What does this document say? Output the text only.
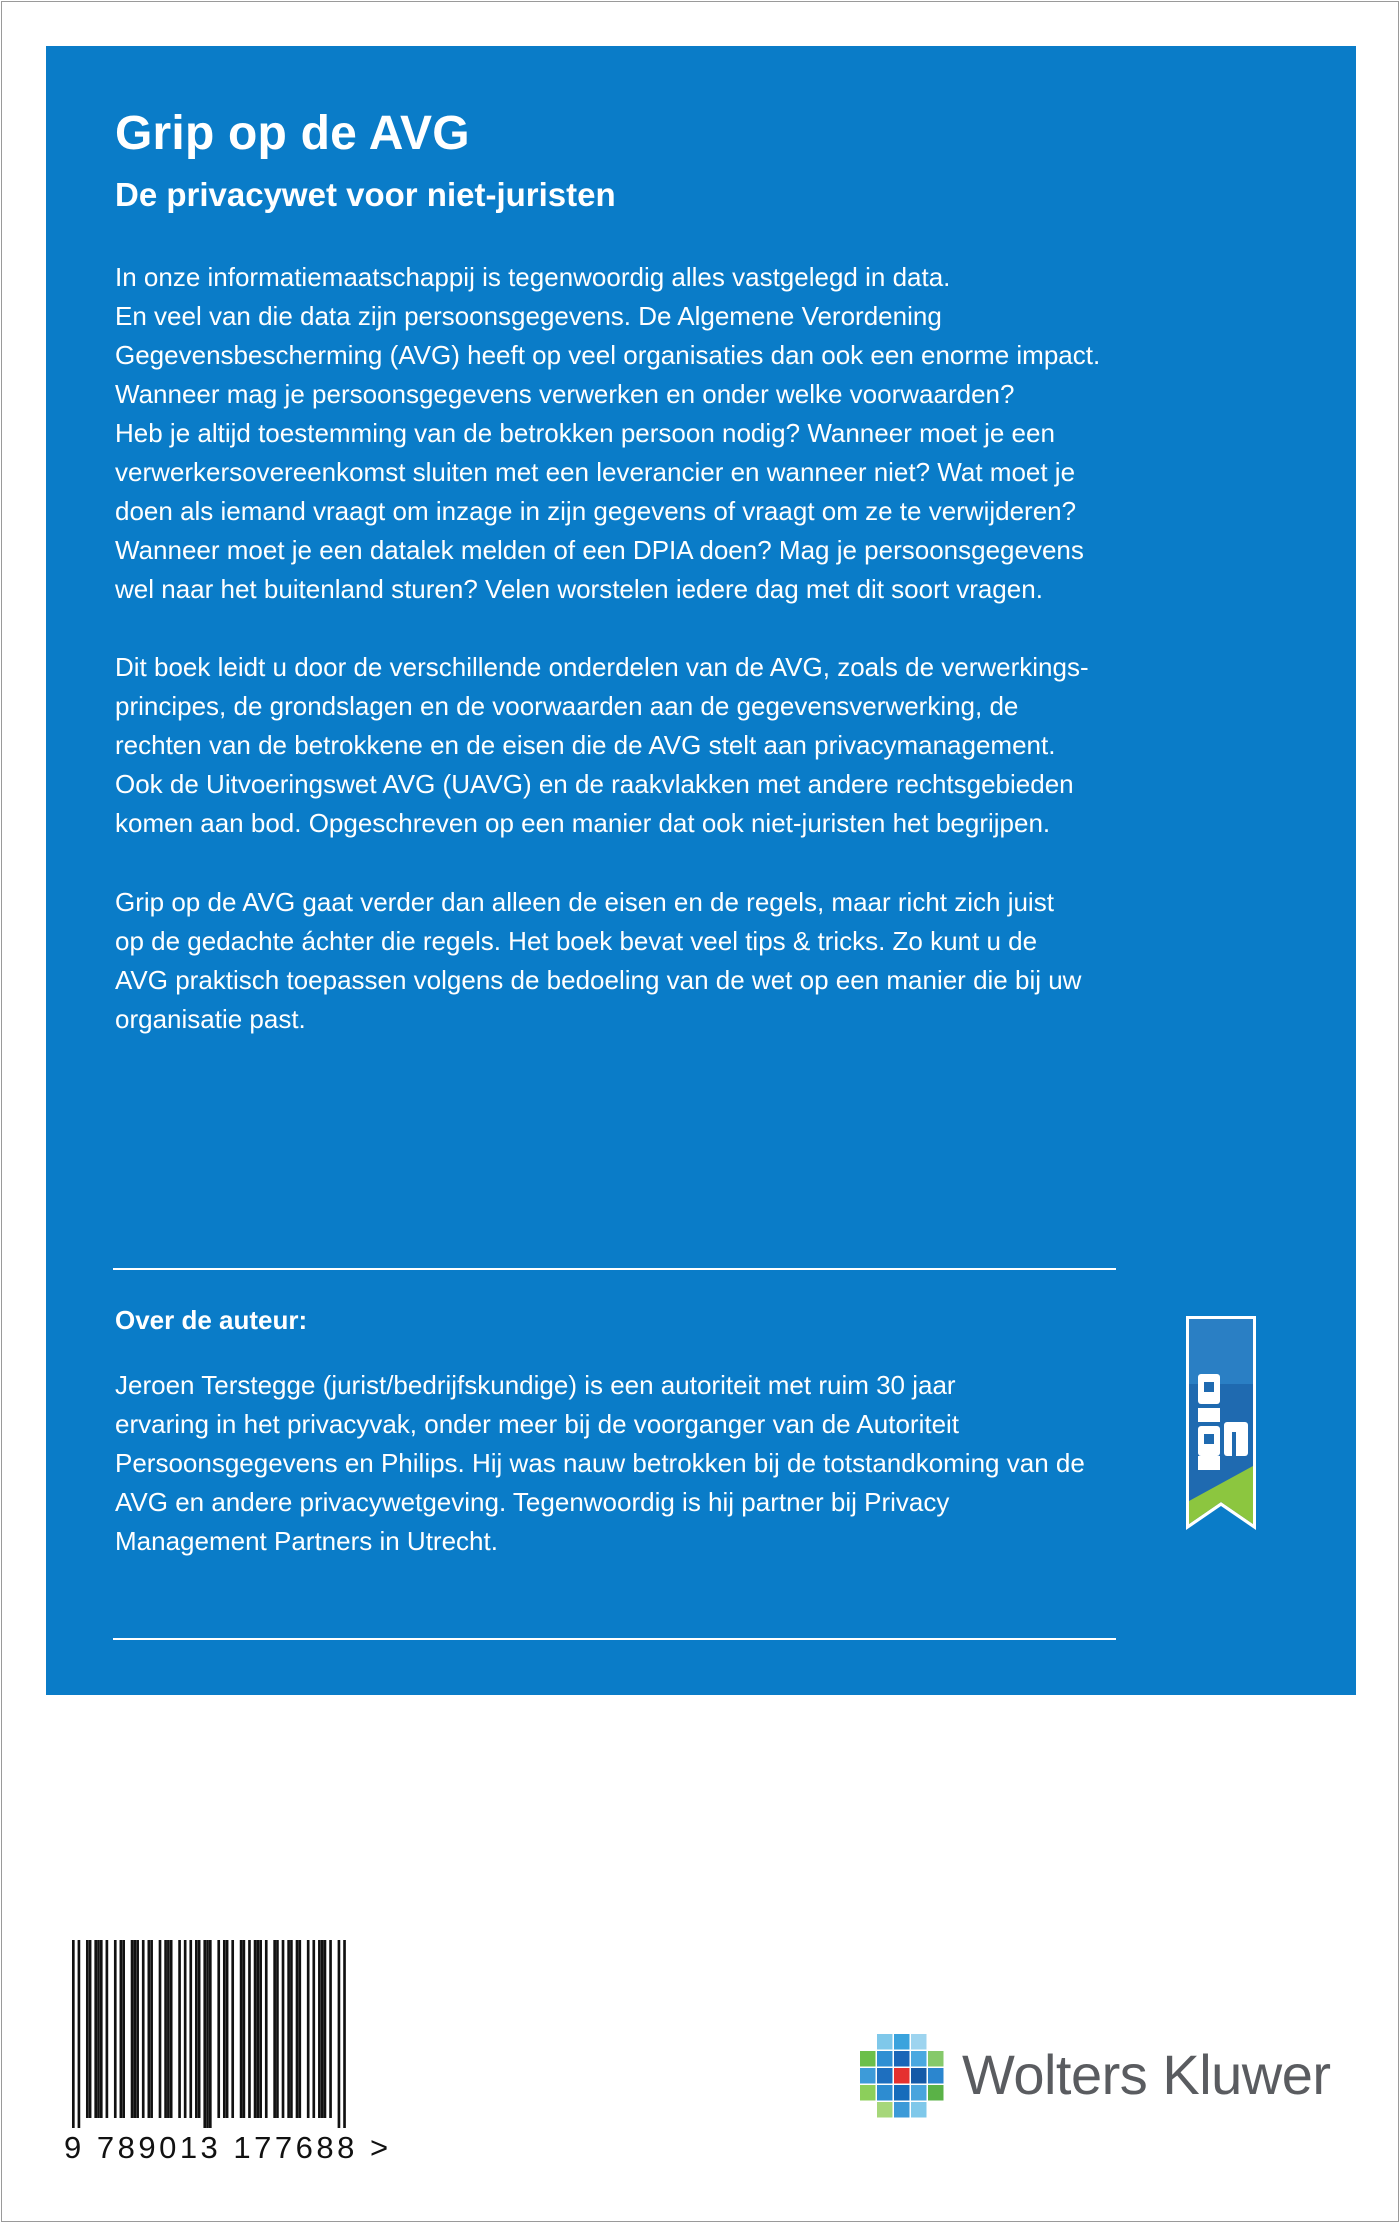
Grip op de AVG
De privacywet voor niet-juristen

In onze informatiemaatschappij is tegenwoordig alles vastgelegd in data.
En veel van die data zijn persoonsgegevens. De Algemene Verordening
Gegevensbescherming (AVG) heeft op veel organisaties dan ook een enorme impact.
Wanneer mag je persoonsgegevens verwerken en onder welke voorwaarden?
Heb je altijd toestemming van de betrokken persoon nodig? Wanneer moet je een
verwerkersovereenkomst sluiten met een leverancier en wanneer niet? Wat moet je
doen als iemand vraagt om inzage in zijn gegevens of vraagt om ze te verwijderen?
Wanneer moet je een datalek melden of een DPIA doen? Mag je persoonsgegevens
wel naar het buitenland sturen? Velen worstelen iedere dag met dit soort vragen.

Dit boek leidt u door de verschillende onderdelen van de AVG, zoals de verwerkings-
principes, de grondslagen en de voorwaarden aan de gegevensverwerking, de
rechten van de betrokkene en de eisen die de AVG stelt aan privacymanagement.
Ook de Uitvoeringswet AVG (UAVG) en de raakvlakken met andere rechtsgebieden
komen aan bod. Opgeschreven op een manier dat ook niet-juristen het begrijpen.

Grip op de AVG gaat verder dan alleen de eisen en de regels, maar richt zich juist
op de gedachte áchter die regels. Het boek bevat veel tips & tricks. Zo kunt u de
AVG praktisch toepassen volgens de bedoeling van de wet op een manier die bij uw
organisatie past.

Over de auteur:

Jeroen Terstegge (jurist/bedrijfskundige) is een autoriteit met ruim 30 jaar
ervaring in het privacyvak, onder meer bij de voorganger van de Autoriteit
Persoonsgegevens en Philips. Hij was nauw betrokken bij de totstandkoming van de
AVG en andere privacywetgeving. Tegenwoordig is hij partner bij Privacy
Management Partners in Utrecht.

9 789013 177688 >
Wolters Kluwer
